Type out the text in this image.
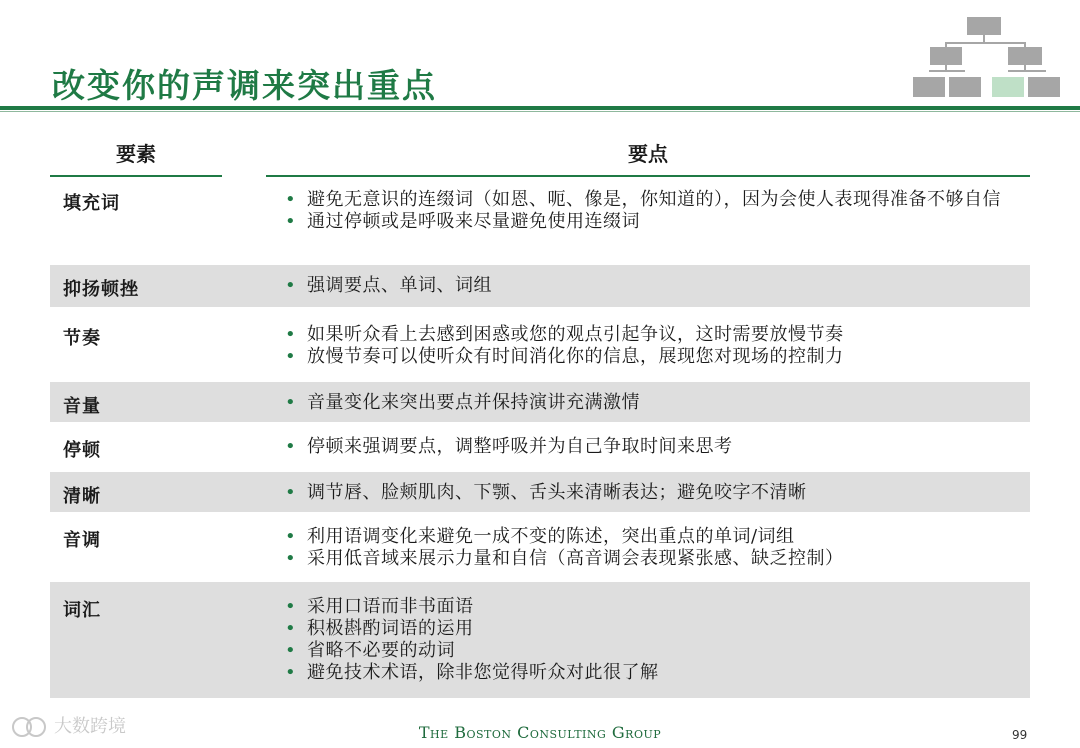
改变你的声调来突出重点
要素	要点
填充词	• 避免无意识的连缀词（如恩、呃、像是，你知道的），因为会使人表现得准备不够自信
• 通过停顿或是呼吸来尽量避免使用连缀词
抑扬顿挫	• 强调要点、单词、词组
节奏	• 如果听众看上去感到困惑或您的观点引起争议，这时需要放慢节奏
• 放慢节奏可以使听众有时间消化你的信息，展现您对现场的控制力
音量	• 音量变化来突出要点并保持演讲充满激情
停顿	• 停顿来强调要点，调整呼吸并为自己争取时间来思考
清晰	• 调节唇、脸颊肌肉、下颚、舌头来清晰表达；避免咬字不清晰
音调	• 利用语调变化来避免一成不变的陈述，突出重点的单词/词组
• 采用低音域来展示力量和自信（高音调会表现紧张感、缺乏控制）
词汇	• 采用口语而非书面语
• 积极斟酌词语的运用
• 省略不必要的动词
• 避免技术术语，除非您觉得听众对此很了解
大数跨境	The Boston Consulting Group	99
